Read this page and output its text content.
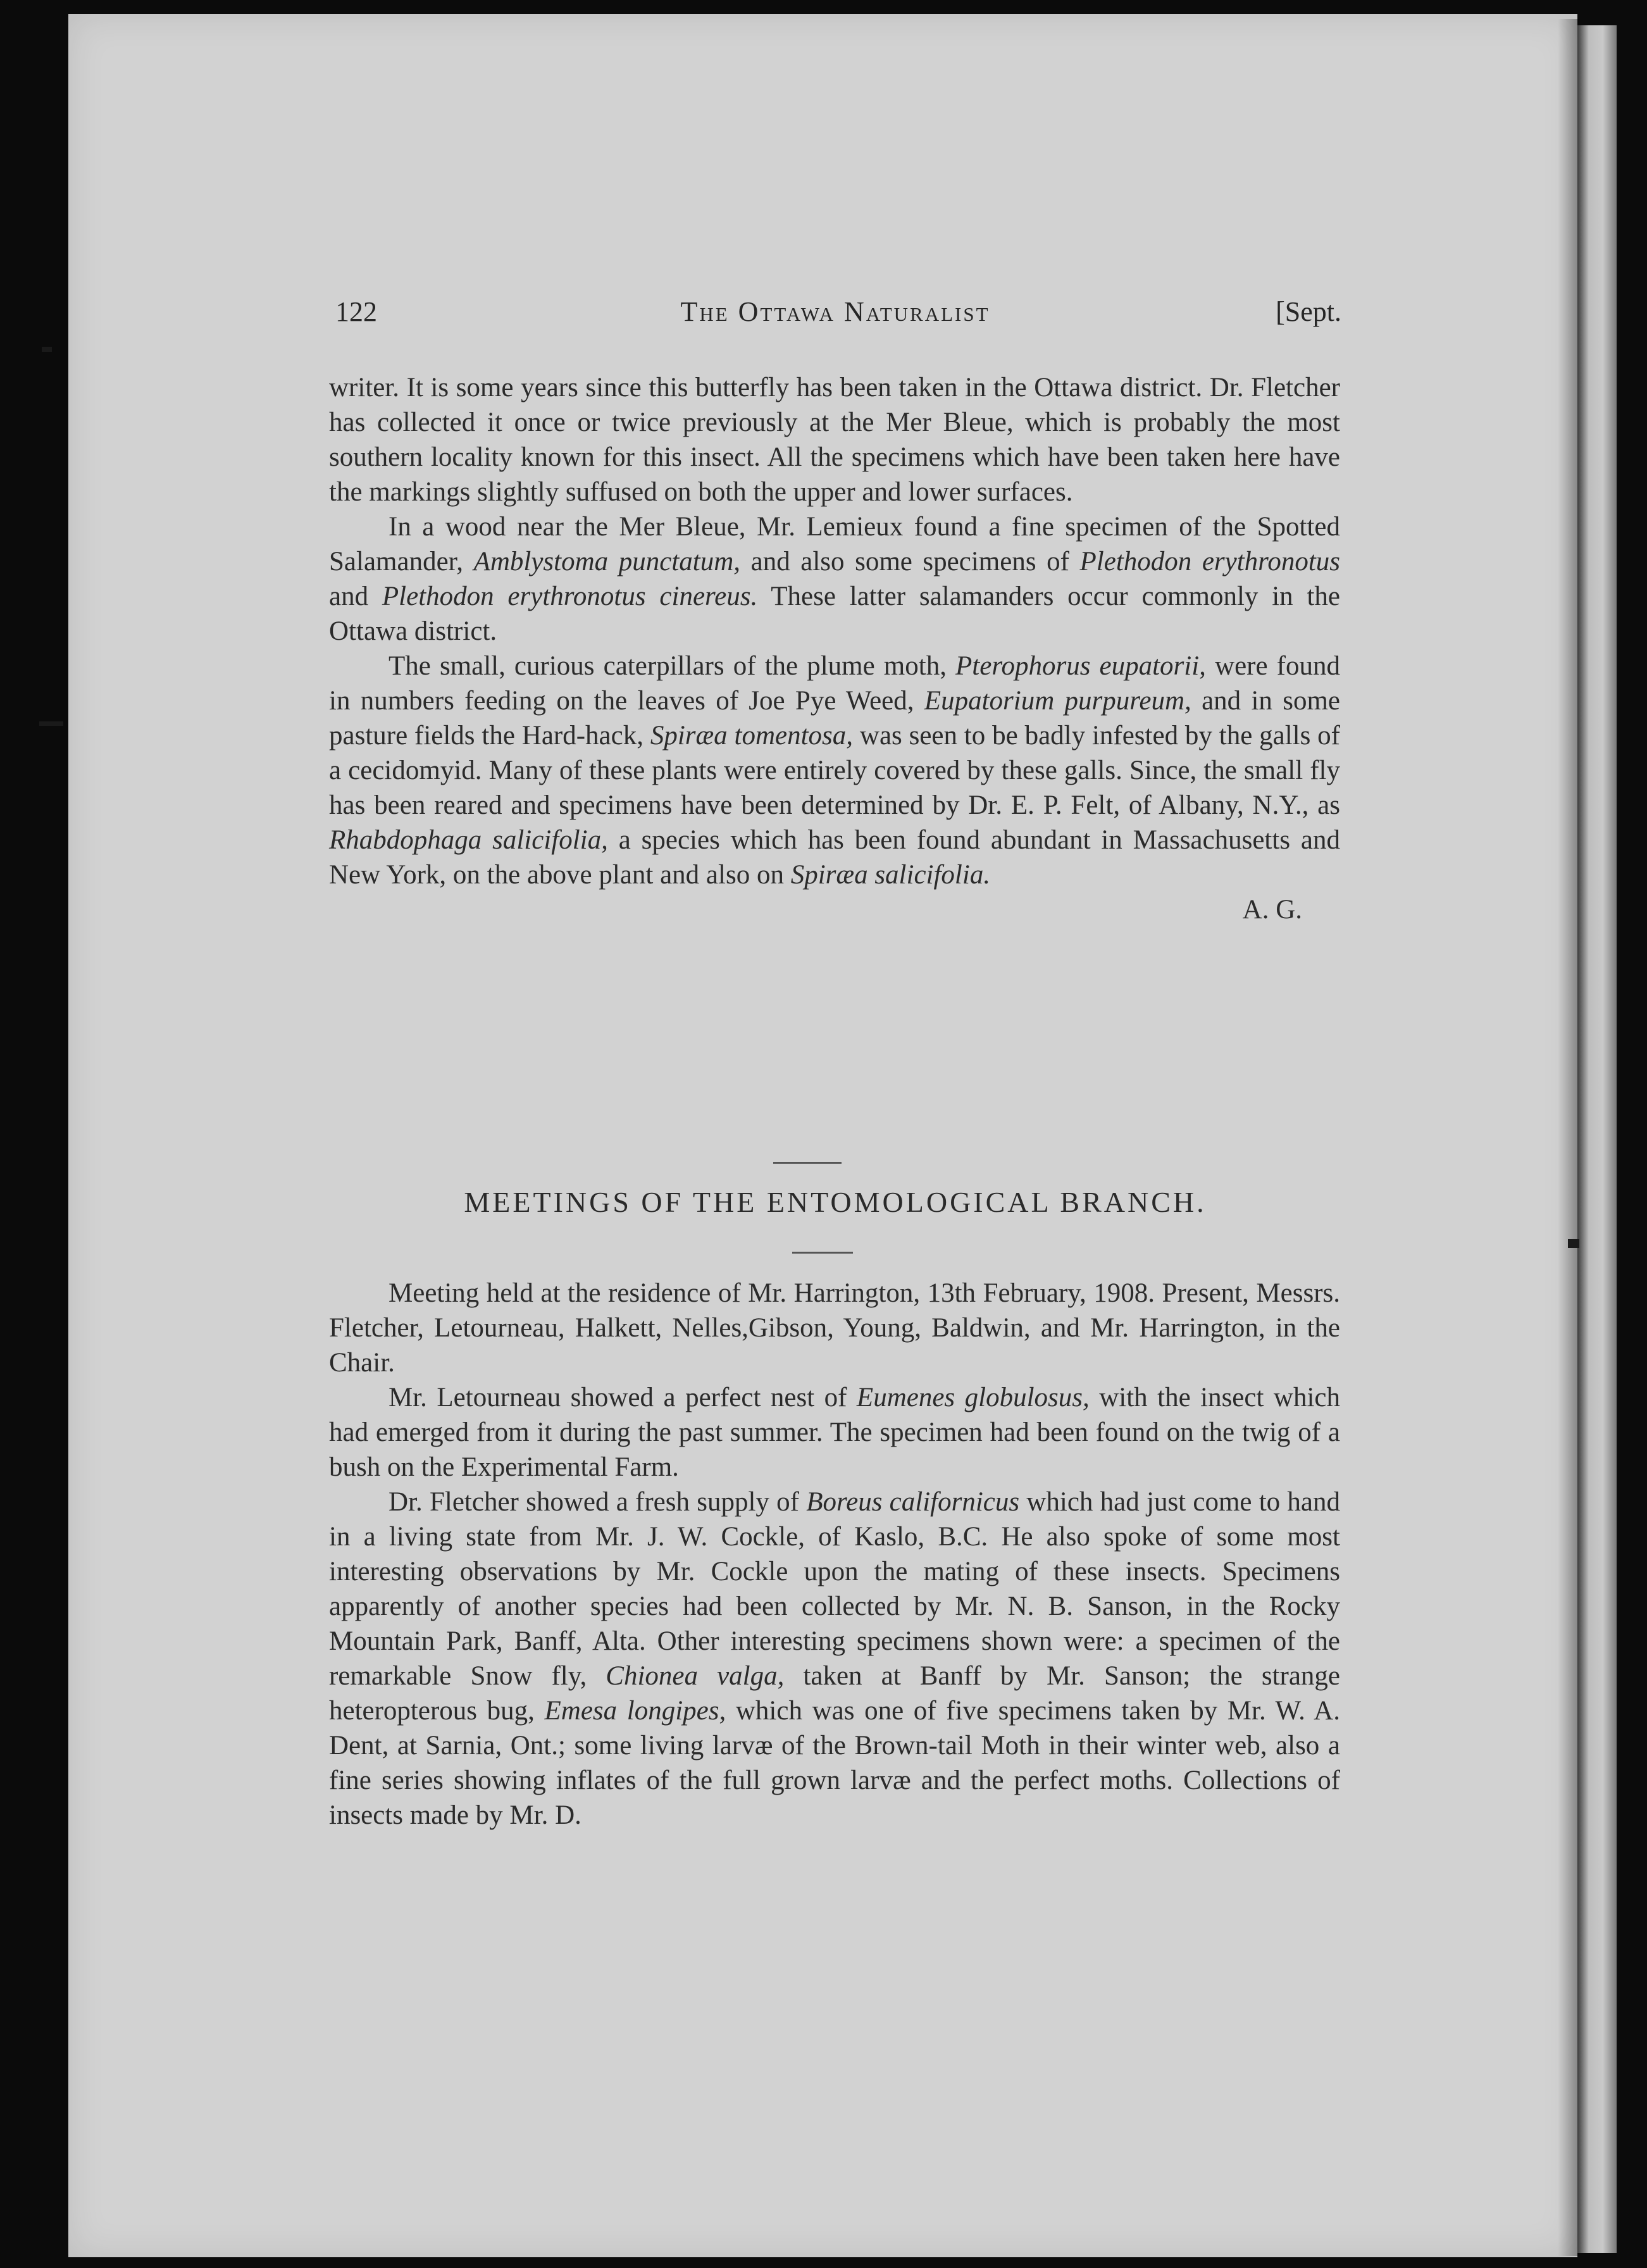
122	The Ottawa Naturalist	[Sept.

writer. It is some years since this butterfly has been taken in the Ottawa district. Dr. Fletcher has collected it once or twice previously at the Mer Bleue, which is probably the most southern locality known for this insect. All the specimens which have been taken here have the markings slightly suffused on both the upper and lower surfaces.

In a wood near the Mer Bleue, Mr. Lemieux found a fine specimen of the Spotted Salamander, Amblystoma punctatum, and also some specimens of Plethodon erythronotus and Plethodon erythronotus cinereus. These latter salamanders occur commonly in the Ottawa district.

The small, curious caterpillars of the plume moth, Pterophorus eupatorii, were found in numbers feeding on the leaves of Joe Pye Weed, Eupatorium purpureum, and in some pasture fields the Hard-hack, Spiræa tomentosa, was seen to be badly infested by the galls of a cecidomyid. Many of these plants were entirely covered by these galls. Since, the small fly has been reared and specimens have been determined by Dr. E. P. Felt, of Albany, N.Y., as Rhabdophaga salicifolia, a species which has been found abundant in Massachusetts and New York, on the above plant and also on Spiræa salicifolia.

A. G.

MEETINGS OF THE ENTOMOLOGICAL BRANCH.

Meeting held at the residence of Mr. Harrington, 13th February, 1908. Present, Messrs. Fletcher, Letourneau, Halkett, Nelles,Gibson, Young, Baldwin, and Mr. Harrington, in the Chair.

Mr. Letourneau showed a perfect nest of Eumenes globulosus, with the insect which had emerged from it during the past summer. The specimen had been found on the twig of a bush on the Experimental Farm.

Dr. Fletcher showed a fresh supply of Boreus californicus which had just come to hand in a living state from Mr. J. W. Cockle, of Kaslo, B.C. He also spoke of some most interesting observations by Mr. Cockle upon the mating of these insects. Specimens apparently of another species had been collected by Mr. N. B. Sanson, in the Rocky Mountain Park, Banff, Alta. Other interesting specimens shown were: a specimen of the remarkable Snow fly, Chionea valga, taken at Banff by Mr. Sanson; the strange heteropterous bug, Emesa longipes, which was one of five specimens taken by Mr. W. A. Dent, at Sarnia, Ont.; some living larvæ of the Brown-tail Moth in their winter web, also a fine series showing inflates of the full grown larvæ and the perfect moths. Collections of insects made by Mr. D.
